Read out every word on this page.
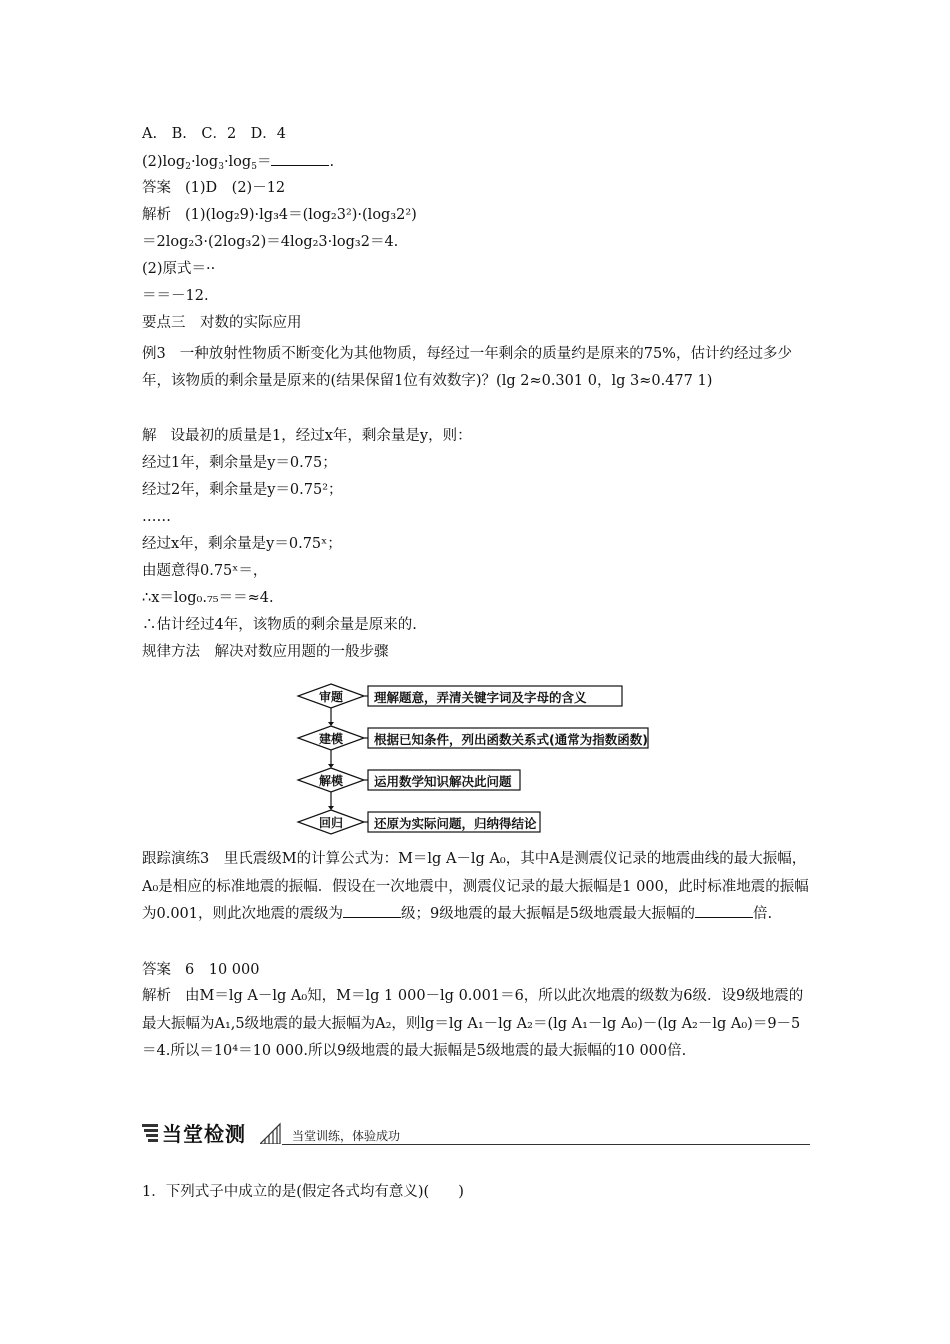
A.　B.　C．2　D．4
$(2)\log_2\cdot\log_3\cdot\log_5=$	.
答案 (1)D　(2)－12
解析 (1)(log₂9)·lg₃4＝(log₂3²)·(log₃2²)
＝2log₂3·(2log₃2)＝4log₂3·log₃2＝4.
(2)原式＝··
＝＝－12.
要点三　对数的实际应用
例3 一种放射性物质不断变化为其他物质，每经过一年剩余的质量约是原来的75%，估计约经过多少年，该物质的剩余量是原来的(结果保留1位有效数字)？(lg 2≈0.301 0，lg 3≈0.477 1)
解 设最初的质量是1，经过x年，剩余量是y，则：
经过1年，剩余量是y＝0.75；
经过2年，剩余量是y＝0.75²；
……
经过x年，剩余量是y＝0.75ˣ；
由题意得0.75ˣ＝，
∴x＝log₀.₇₅＝＝≈4.
∴估计经过4年，该物质的剩余量是原来的.
规律方法　解决对数应用题的一般步骤
审题
建模
解模
回归
理解题意，弄清关键字词及字母的含义
根据已知条件，列出函数关系式(通常为指数函数)
运用数学知识解决此问题
还原为实际问题，归纳得结论
跟踪演练3　里氏震级M的计算公式为：M＝lg A－lg A₀，其中A是测震仪记录的地震曲线的最大振幅，A₀是相应的标准地震的振幅．假设在一次地震中，测震仪记录的最大振幅是1 000，此时标准地震的振幅为0.001，则此次地震的震级为	级；9级地震的最大振幅是5级地震最大振幅的	倍.
答案 6　10 000
解析 由M＝lg A－lg A₀知，M＝lg 1 000－lg 0.001＝6，所以此次地震的级数为6级．设9级地震的最大振幅为A₁,5级地震的最大振幅为A₂，则lg＝lg A₁－lg A₂＝(lg A₁－lg A₀)－(lg A₂－lg A₀)＝9－5＝4.所以＝10⁴＝10 000.所以9级地震的最大振幅是5级地震的最大振幅的10 000倍.
当堂检测	当堂训练，体验成功
1．下列式子中成立的是(假定各式均有意义)(　　)
